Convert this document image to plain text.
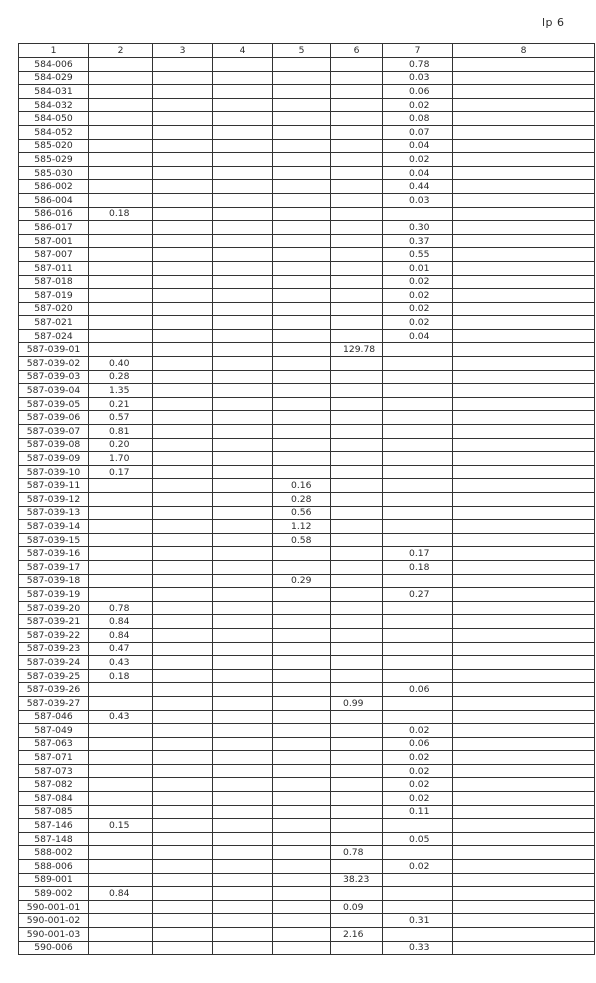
lp 6
1	2	3	4	5	6	7	8
584-006						0.78	
584-029						0.03	
584-031						0.06	
584-032						0.02	
584-050						0.08	
584-052						0.07	
585-020						0.04	
585-029						0.02	
585-030						0.04	
586-002						0.44	
586-004						0.03	
586-016	0.18						
586-017						0.30	
587-001						0.37	
587-007						0.55	
587-011						0.01	
587-018						0.02	
587-019						0.02	
587-020						0.02	
587-021						0.02	
587-024						0.04	
587-039-01					129.78		
587-039-02	0.40						
587-039-03	0.28						
587-039-04	1.35						
587-039-05	0.21						
587-039-06	0.57						
587-039-07	0.81						
587-039-08	0.20						
587-039-09	1.70						
587-039-10	0.17						
587-039-11				0.16			
587-039-12				0.28			
587-039-13				0.56			
587-039-14				1.12			
587-039-15				0.58			
587-039-16						0.17	
587-039-17						0.18	
587-039-18				0.29			
587-039-19						0.27	
587-039-20	0.78						
587-039-21	0.84						
587-039-22	0.84						
587-039-23	0.47						
587-039-24	0.43						
587-039-25	0.18						
587-039-26						0.06	
587-039-27					0.99		
587-046	0.43						
587-049						0.02	
587-063						0.06	
587-071						0.02	
587-073						0.02	
587-082						0.02	
587-084						0.02	
587-085						0.11	
587-146	0.15						
587-148						0.05	
588-002					0.78		
588-006						0.02	
589-001					38.23		
589-002	0.84						
590-001-01					0.09		
590-001-02						0.31	
590-001-03					2.16		
590-006						0.33	
